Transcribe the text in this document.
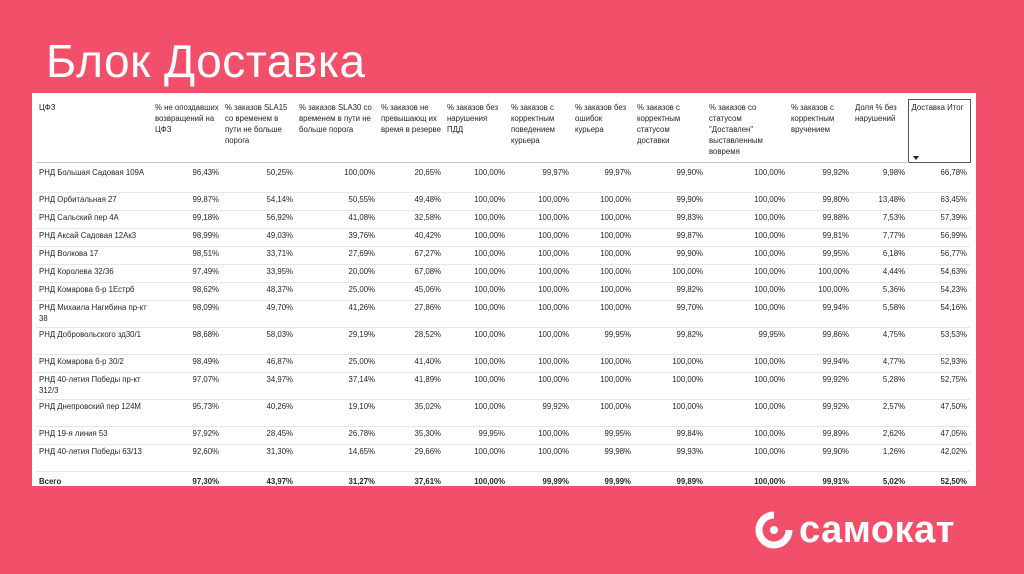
Блок Доставка
ЦФЗ	% не опоздавших возвращений на ЦФЗ	% заказов SLA15 со временем в пути не больше порога	% заказов SLA30 со временем в пути не больше порога	% заказов не превышающ их время в резерве	% заказов без нарушения ПДД	% заказов с корректным поведением курьера	% заказов без ошибок курьера	% заказов с корректным статусом доставки	% заказов со статусом "Доставлен" выставленным вовремя	% заказов с корректным вручением	Доля % без нарушений	Доставка Итог

РНД Большая Садовая 109А	96,43%	50,25%	100,00%	20,65%	100,00%	99,97%	99,97%	99,90%	100,00%	99,92%	9,98%	66,78%
РНД Орбитальная 27	99,87%	54,14%	50,55%	49,48%	100,00%	100,00%	100,00%	99,90%	100,00%	99,80%	13,48%	63,45%
РНД Сальский пер 4А	99,18%	56,92%	41,08%	32,58%	100,00%	100,00%	100,00%	99,83%	100,00%	99,88%	7,53%	57,39%
РНД Аксай Садовая 12Ак3	98,99%	49,03%	39,76%	40,42%	100,00%	100,00%	100,00%	99,87%	100,00%	99,81%	7,77%	56,99%
РНД Волкова 17	98,51%	33,71%	27,69%	67,27%	100,00%	100,00%	100,00%	99,90%	100,00%	99,95%	6,18%	56,77%
РНД Королева 32/36	97,49%	33,95%	20,00%	67,08%	100,00%	100,00%	100,00%	100,00%	100,00%	100,00%	4,44%	54,63%
РНД Комарова б-р 1Естрб	98,62%	48,37%	25,00%	45,06%	100,00%	100,00%	100,00%	99,82%	100,00%	100,00%	5,36%	54,23%
РНД Михаила Нагибина пр-кт 38	98,09%	49,70%	41,26%	27,86%	100,00%	100,00%	100,00%	99,70%	100,00%	99,94%	5,58%	54,16%
РНД Добровольского зд30/1	98,68%	58,03%	29,19%	28,52%	100,00%	100,00%	99,95%	99,82%	99,95%	99,86%	4,75%	53,53%
РНД Комарова б-р 30/2	98,49%	46,87%	25,00%	41,40%	100,00%	100,00%	100,00%	100,00%	100,00%	99,94%	4,77%	52,93%
РНД 40-летия Победы пр-кт 312/3	97,07%	34,97%	37,14%	41,89%	100,00%	100,00%	100,00%	100,00%	100,00%	99,92%	5,28%	52,75%
РНД Днепровский пер 124М	95,73%	40,26%	19,10%	35,02%	100,00%	99,92%	100,00%	100,00%	100,00%	99,92%	2,57%	47,50%
РНД 19-я линия 53	97,92%	28,45%	26,78%	35,30%	99,95%	100,00%	99,95%	99,84%	100,00%	99,89%	2,62%	47,05%
РНД 40-летия Победы 63/13	92,60%	31,30%	14,65%	29,66%	100,00%	100,00%	99,98%	99,93%	100,00%	99,90%	1,26%	42,02%
Всего	97,30%	43,97%	31,27%	37,61%	100,00%	99,99%	99,99%	99,89%	100,00%	99,91%	5,02%	52,50%
самокат
